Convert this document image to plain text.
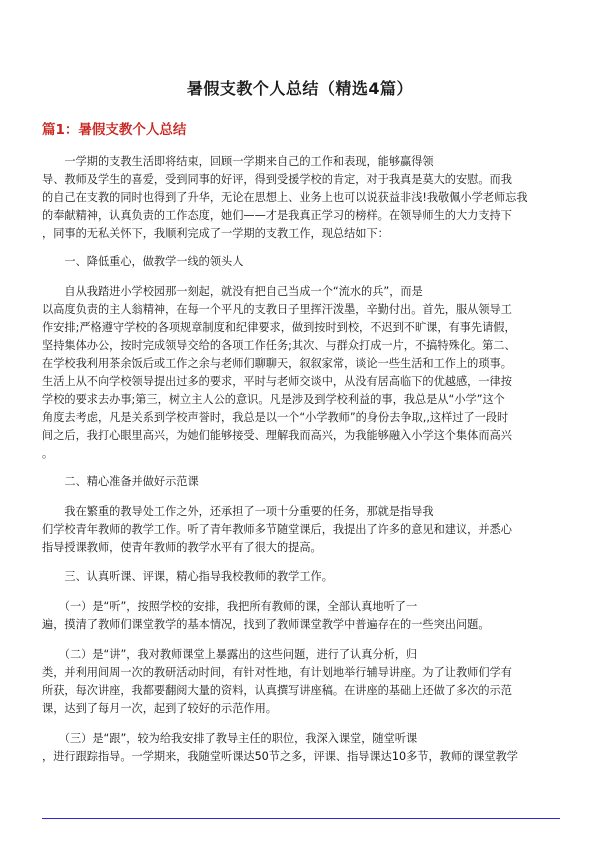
暑假支教个人总结（精选4篇）
篇1：暑假支教个人总结
　　一学期的支教生活即将结束，回顾一学期来自己的工作和表现，能够赢得领
导、教师及学生的喜爱，受到同事的好评，得到受援学校的肯定，对于我真是莫大的安慰。而我
的自己在支教的同时也得到了升华，无论在思想上、业务上也可以说获益非浅!我敬佩小学老师忘我
的奉献精神，认真负责的工作态度，她们——才是我真正学习的榜样。在领导师生的大力支持下
，同事的无私关怀下，我顺利完成了一学期的支教工作，现总结如下：
　　一、降低重心，做教学一线的领头人
　　自从我踏进小学校园那一刻起，就没有把自己当成一个“流水的兵”，而是
以高度负责的主人翁精神，在每一个平凡的支教日子里挥汗泼墨，辛勤付出。首先，服从领导工
作安排;严格遵守学校的各项规章制度和纪律要求，做到按时到校，不迟到不旷课，有事先请假，
坚持集体办公，按时完成领导交给的各项工作任务;其次、与群众打成一片，不搞特殊化。第二、
在学校我利用茶余饭后或工作之余与老师们聊聊天，叙叙家常，谈论一些生活和工作上的琐事。
生活上从不向学校领导提出过多的要求，平时与老师交谈中，从没有居高临下的优越感，一律按
学校的要求去办事;第三，树立主人公的意识。凡是涉及到学校利益的事，我总是从“小学”这个
角度去考虑，凡是关系到学校声誉时，我总是以一个“小学教师”的身份去争取,,这样过了一段时
间之后，我打心眼里高兴，为她们能够接受、理解我而高兴，为我能够融入小学这个集体而高兴
。
　　二、精心准备并做好示范课
　　我在繁重的教导处工作之外，还承担了一项十分重要的任务，那就是指导我
们学校青年教师的教学工作。听了青年教师多节随堂课后，我提出了许多的意见和建议，并悉心
指导授课教师，使青年教师的教学水平有了很大的提高。
　　三、认真听课、评课，精心指导我校教师的教学工作。
　　（一）是“听”，按照学校的安排，我把所有教师的课，全部认真地听了一
遍，摸清了教师们课堂教学的基本情况，找到了教师课堂教学中普遍存在的一些突出问题。
　　（二）是“讲”，我对教师课堂上暴露出的这些问题，进行了认真分析，归
类，并利用间周一次的教研活动时间，有针对性地，有计划地举行辅导讲座。为了让教师们学有
所获，每次讲座，我都要翻阅大量的资料，认真撰写讲座稿。在讲座的基础上还做了多次的示范
课，达到了每月一次，起到了较好的示范作用。
　　（三）是“跟”，较为给我安排了教导主任的职位，我深入课堂，随堂听课
，进行跟踪指导。一学期来，我随堂听课达50节之多，评课、指导课达10多节，教师的课堂教学
